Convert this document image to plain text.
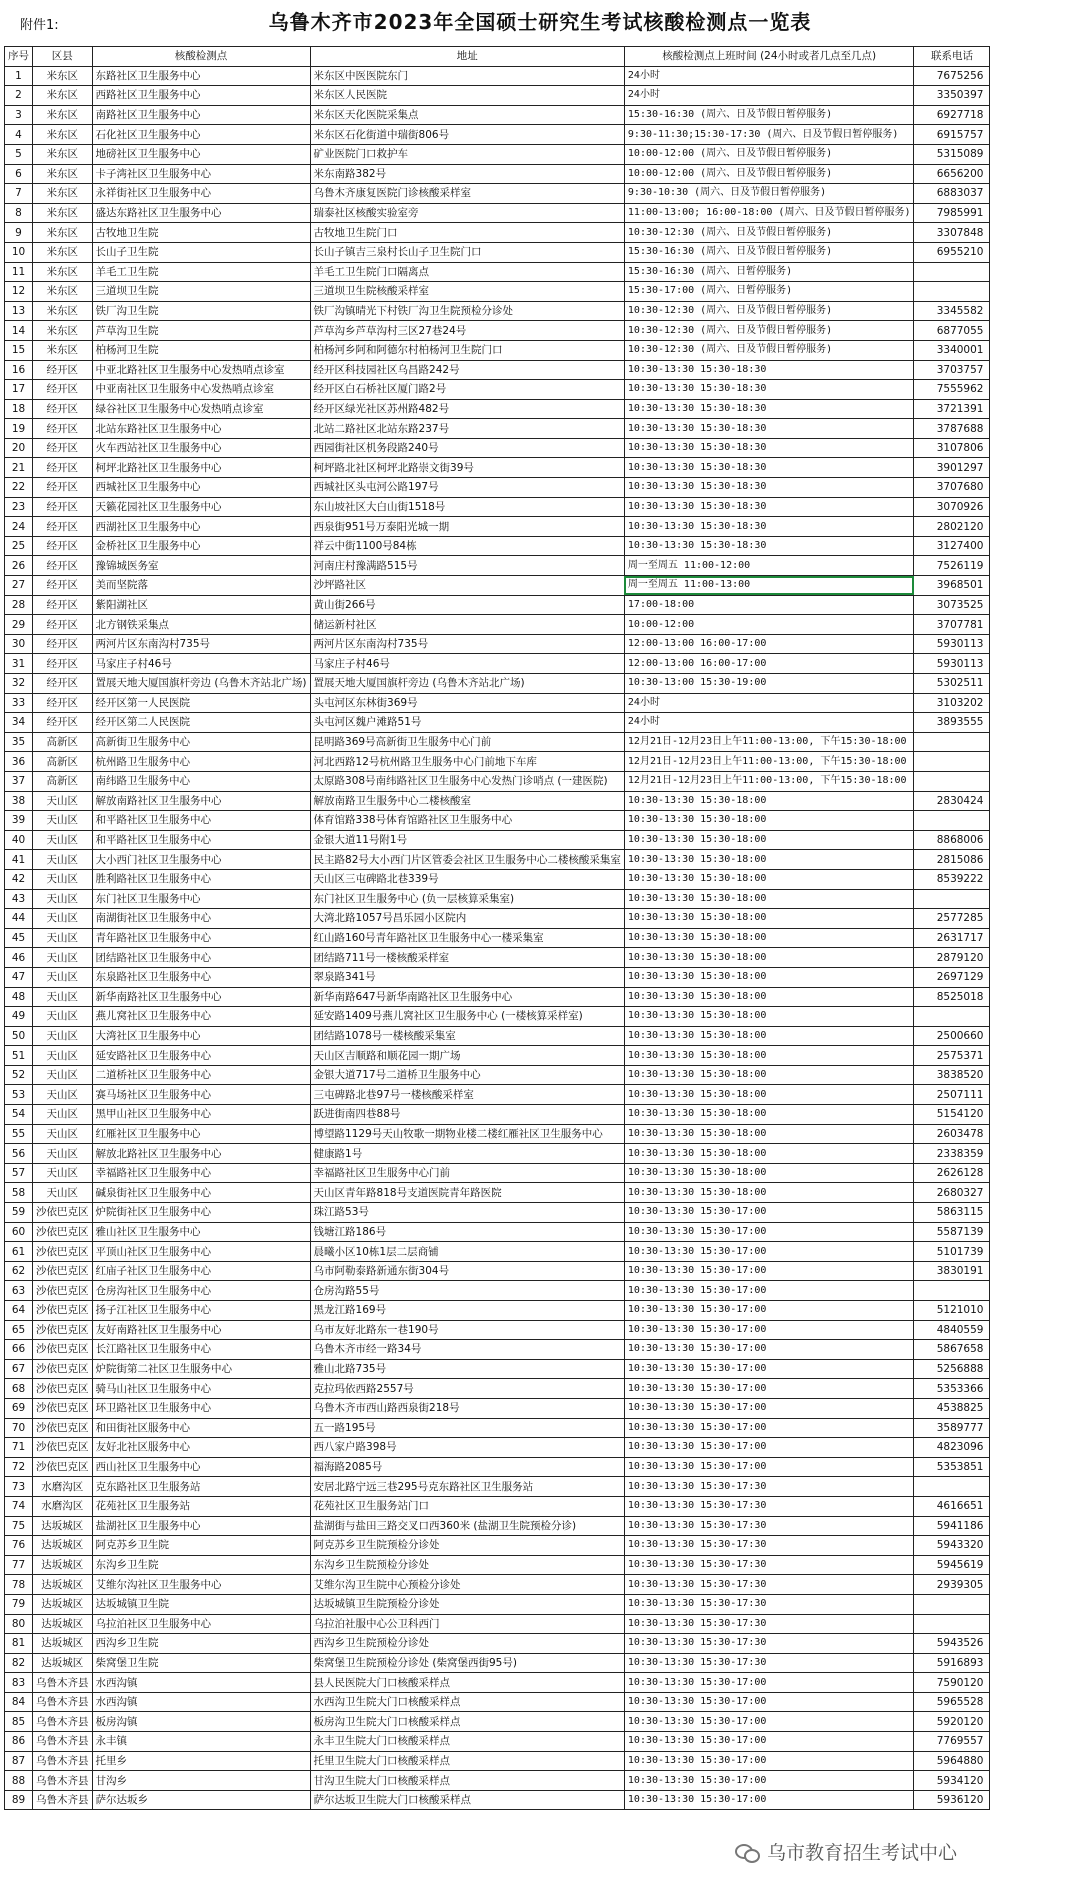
附件1:	乌鲁木齐市2023年全国硕士研究生考试核酸检测点一览表
序号	区县	核酸检测点	地址	核酸检测点上班时间 (24小时或者几点至几点)	联系电话
1	米东区	东路社区卫生服务中心	米东区中医医院东门	24小时	7675256
2	米东区	西路社区卫生服务中心	米东区人民医院	24小时	3350397
3	米东区	南路社区卫生服务中心	米东区天化医院采集点	15:30-16:30 (周六、日及节假日暂停服务)	6927718
4	米东区	石化社区卫生服务中心	米东区石化街道中瑞街806号	9:30-11:30;15:30-17:30 (周六、日及节假日暂停服务)	6915757
5	米东区	地磅社区卫生服务中心	矿业医院门口救护车	10:00-12:00 (周六、日及节假日暂停服务)	5315089
6	米东区	卡子湾社区卫生服务中心	米东南路382号	10:00-12:00 (周六、日及节假日暂停服务)	6656200
7	米东区	永祥街社区卫生服务中心	乌鲁木齐康复医院门诊核酸采样室	9:30-10:30 (周六、日及节假日暂停服务)	6883037
8	米东区	盛达东路社区卫生服务中心	瑞泰社区核酸实验室旁	11:00-13:00; 16:00-18:00 (周六、日及节假日暂停服务)	7985991
9	米东区	古牧地卫生院	古牧地卫生院门口	10:30-12:30 (周六、日及节假日暂停服务)	3307848
10	米东区	长山子卫生院	长山子镇吉三泉村长山子卫生院门口	15:30-16:30 (周六、日及节假日暂停服务)	6955210
11	米东区	羊毛工卫生院	羊毛工卫生院门口隔离点	15:30-16:30 (周六、日暂停服务)	
12	米东区	三道坝卫生院	三道坝卫生院核酸采样室	15:30-17:00 (周六、日暂停服务)	
13	米东区	铁厂沟卫生院	铁厂沟镇晴光下村铁厂沟卫生院预检分诊处	10:30-12:30 (周六、日及节假日暂停服务)	3345582
14	米东区	芦草沟卫生院	芦草沟乡芦草沟村三区27巷24号	10:30-12:30 (周六、日及节假日暂停服务)	6877055
15	米东区	柏杨河卫生院	柏杨河乡阿和阿德尔村柏杨河卫生院门口	10:30-12:30 (周六、日及节假日暂停服务)	3340001
16	经开区	中亚北路社区卫生服务中心发热哨点诊室	经开区科技园社区乌昌路242号	10:30-13:30 15:30-18:30	3703757
17	经开区	中亚南社区卫生服务中心发热哨点诊室	经开区白石桥社区厦门路2号	10:30-13:30 15:30-18:30	7555962
18	经开区	绿谷社区卫生服务中心发热哨点诊室	经开区绿光社区苏州路482号	10:30-13:30 15:30-18:30	3721391
19	经开区	北站东路社区卫生服务中心	北站二路社区北站东路237号	10:30-13:30 15:30-18:30	3787688
20	经开区	火车西站社区卫生服务中心	西园街社区机务段路240号	10:30-13:30 15:30-18:30	3107806
21	经开区	柯坪北路社区卫生服务中心	柯坪路北社区柯坪北路崇文街39号	10:30-13:30 15:30-18:30	3901297
22	经开区	西城社区卫生服务中心	西城社区头屯河公路197号	10:30-13:30 15:30-18:30	3707680
23	经开区	天籁花园社区卫生服务中心	东山坡社区大白山街1518号	10:30-13:30 15:30-18:30	3070926
24	经开区	西湖社区卫生服务中心	西泉街951号万泰阳光城一期	10:30-13:30 15:30-18:30	2802120
25	经开区	金桥社区卫生服务中心	祥云中街1100号84栋	10:30-13:30 15:30-18:30	3127400
26	经开区	豫锦城医务室	河南庄村豫满路515号	周一至周五 11:00-12:00	7526119
27	经开区	美而坚院落	沙坪路社区	周一至周五 11:00-13:00	3968501
28	经开区	紫阳湖社区	黄山街266号	17:00-18:00	3073525
29	经开区	北方钢铁采集点	储运新村社区	10:00-12:00	3707781
30	经开区	两河片区东南沟村735号	两河片区东南沟村735号	12:00-13:00 16:00-17:00	5930113
31	经开区	马家庄子村46号	马家庄子村46号	12:00-13:00 16:00-17:00	5930113
32	经开区	置展天地大厦国旗杆旁边 (乌鲁木齐站北广场)	置展天地大厦国旗杆旁边 (乌鲁木齐站北广场)	10:30-13:00 15:30-19:00	5302511
33	经开区	经开区第一人民医院	头屯河区东林街369号	24小时	3103202
34	经开区	经开区第二人民医院	头屯河区魏户滩路51号	24小时	3893555
35	高新区	高新街卫生服务中心	昆明路369号高新街卫生服务中心门前	12月21日-12月23日上午11:00-13:00, 下午15:30-18:00	
36	高新区	杭州路卫生服务中心	河北西路12号杭州路卫生服务中心门前地下车库	12月21日-12月23日上午11:00-13:00, 下午15:30-18:00	
37	高新区	南纬路卫生服务中心	太原路308号南纬路社区卫生服务中心发热门诊哨点 (一建医院)	12月21日-12月23日上午11:00-13:00, 下午15:30-18:00	
38	天山区	解放南路社区卫生服务中心	解放南路卫生服务中心二楼核酸室	10:30-13:30 15:30-18:00	2830424
39	天山区	和平路社区卫生服务中心	体育馆路338号体育馆路社区卫生服务中心	10:30-13:30 15:30-18:00	
40	天山区	和平路社区卫生服务中心	金银大道11号附1号	10:30-13:30 15:30-18:00	8868006
41	天山区	大小西门社区卫生服务中心	民主路82号大小西门片区管委会社区卫生服务中心二楼核酸采集室	10:30-13:30 15:30-18:00	2815086
42	天山区	胜利路社区卫生服务中心	天山区三屯碑路北巷339号	10:30-13:30 15:30-18:00	8539222
43	天山区	东门社区卫生服务中心	东门社区卫生服务中心 (负一层核算采集室)	10:30-13:30 15:30-18:00	
44	天山区	南湖街社区卫生服务中心	大湾北路1057号昌乐园小区院内	10:30-13:30 15:30-18:00	2577285
45	天山区	青年路社区卫生服务中心	红山路160号青年路社区卫生服务中心一楼采集室	10:30-13:30 15:30-18:00	2631717
46	天山区	团结路社区卫生服务中心	团结路711号一楼核酸采样室	10:30-13:30 15:30-18:00	2879120
47	天山区	东泉路社区卫生服务中心	翠泉路341号	10:30-13:30 15:30-18:00	2697129
48	天山区	新华南路社区卫生服务中心	新华南路647号新华南路社区卫生服务中心	10:30-13:30 15:30-18:00	8525018
49	天山区	燕儿窝社区卫生服务中心	延安路1409号燕儿窝社区卫生服务中心 (一楼核算采样室)	10:30-13:30 15:30-18:00	
50	天山区	大湾社区卫生服务中心	团结路1078号一楼核酸采集室	10:30-13:30 15:30-18:00	2500660
51	天山区	延安路社区卫生服务中心	天山区吉顺路和顺花园一期广场	10:30-13:30 15:30-18:00	2575371
52	天山区	二道桥社区卫生服务中心	金银大道717号二道桥卫生服务中心	10:30-13:30 15:30-18:00	3838520
53	天山区	赛马场社区卫生服务中心	三屯碑路北巷97号一楼核酸采样室	10:30-13:30 15:30-18:00	2507111
54	天山区	黑甲山社区卫生服务中心	跃进街南四巷88号	10:30-13:30 15:30-18:00	5154120
55	天山区	红雁社区卫生服务中心	博望路1129号天山牧歌一期物业楼二楼红雁社区卫生服务中心	10:30-13:30 15:30-18:00	2603478
56	天山区	解放北路社区卫生服务中心	健康路1号	10:30-13:30 15:30-18:00	2338359
57	天山区	幸福路社区卫生服务中心	幸福路社区卫生服务中心门前	10:30-13:30 15:30-18:00	2626128
58	天山区	碱泉街社区卫生服务中心	天山区青年路818号支道医院青年路医院	10:30-13:30 15:30-18:00	2680327
59	沙依巴克区	炉院街社区卫生服务中心	珠江路53号	10:30-13:30 15:30-17:00	5863115
60	沙依巴克区	雅山社区卫生服务中心	钱塘江路186号	10:30-13:30 15:30-17:00	5587139
61	沙依巴克区	平顶山社区卫生服务中心	晨曦小区10栋1层二层商铺	10:30-13:30 15:30-17:00	5101739
62	沙依巴克区	红庙子社区卫生服务中心	乌市阿勒泰路新通东街304号	10:30-13:30 15:30-17:00	3830191
63	沙依巴克区	仓房沟社区卫生服务中心	仓房沟路55号	10:30-13:30 15:30-17:00	
64	沙依巴克区	扬子江社区卫生服务中心	黑龙江路169号	10:30-13:30 15:30-17:00	5121010
65	沙依巴克区	友好南路社区卫生服务中心	乌市友好北路东一巷190号	10:30-13:30 15:30-17:00	4840559
66	沙依巴克区	长江路社区卫生服务中心	乌鲁木齐市经一路34号	10:30-13:30 15:30-17:00	5867658
67	沙依巴克区	炉院街第二社区卫生服务中心	雅山北路735号	10:30-13:30 15:30-17:00	5256888
68	沙依巴克区	骑马山社区卫生服务中心	克拉玛依西路2557号	10:30-13:30 15:30-17:00	5353366
69	沙依巴克区	环卫路社区卫生服务中心	乌鲁木齐市西山路西泉街218号	10:30-13:30 15:30-17:00	4538825
70	沙依巴克区	和田街社区服务中心	五一路195号	10:30-13:30 15:30-17:00	3589777
71	沙依巴克区	友好北社区服务中心	西八家户路398号	10:30-13:30 15:30-17:00	4823096
72	沙依巴克区	西山社区卫生服务中心	福海路2085号	10:30-13:30 15:30-17:00	5353851
73	水磨沟区	克东路社区卫生服务站	安居北路宁远三巷295号克东路社区卫生服务站	10:30-13:30 15:30-17:30	
74	水磨沟区	花苑社区卫生服务站	花苑社区卫生服务站门口	10:30-13:30 15:30-17:30	4616651
75	达坂城区	盐湖社区卫生服务中心	盐湖街与盐田三路交叉口西360米 (盐湖卫生院预检分诊)	10:30-13:30 15:30-17:30	5941186
76	达坂城区	阿克苏乡卫生院	阿克苏乡卫生院预检分诊处	10:30-13:30 15:30-17:30	5943320
77	达坂城区	东沟乡卫生院	东沟乡卫生院预检分诊处	10:30-13:30 15:30-17:30	5945619
78	达坂城区	艾维尔沟社区卫生服务中心	艾维尔沟卫生院中心预检分诊处	10:30-13:30 15:30-17:30	2939305
79	达坂城区	达坂城镇卫生院	达坂城镇卫生院预检分诊处	10:30-13:30 15:30-17:30	
80	达坂城区	乌拉泊社区卫生服务中心	乌拉泊社服中心公卫科西门	10:30-13:30 15:30-17:30	
81	达坂城区	西沟乡卫生院	西沟乡卫生院预检分诊处	10:30-13:30 15:30-17:30	5943526
82	达坂城区	柴窝堡卫生院	柴窝堡卫生院预检分诊处 (柴窝堡西街95号)	10:30-13:30 15:30-17:30	5916893
83	乌鲁木齐县	水西沟镇	县人民医院大门口核酸采样点	10:30-13:30 15:30-17:00	7590120
84	乌鲁木齐县	水西沟镇	水西沟卫生院大门口核酸采样点	10:30-13:30 15:30-17:00	5965528
85	乌鲁木齐县	板房沟镇	板房沟卫生院大门口核酸采样点	10:30-13:30 15:30-17:00	5920120
86	乌鲁木齐县	永丰镇	永丰卫生院大门口核酸采样点	10:30-13:30 15:30-17:00	7769557
87	乌鲁木齐县	托里乡	托里卫生院大门口核酸采样点	10:30-13:30 15:30-17:00	5964880
88	乌鲁木齐县	甘沟乡	甘沟卫生院大门口核酸采样点	10:30-13:30 15:30-17:00	5934120
89	乌鲁木齐县	萨尔达坂乡	萨尔达坂卫生院大门口核酸采样点	10:30-13:30 15:30-17:00	5936120
乌市教育招生考试中心
